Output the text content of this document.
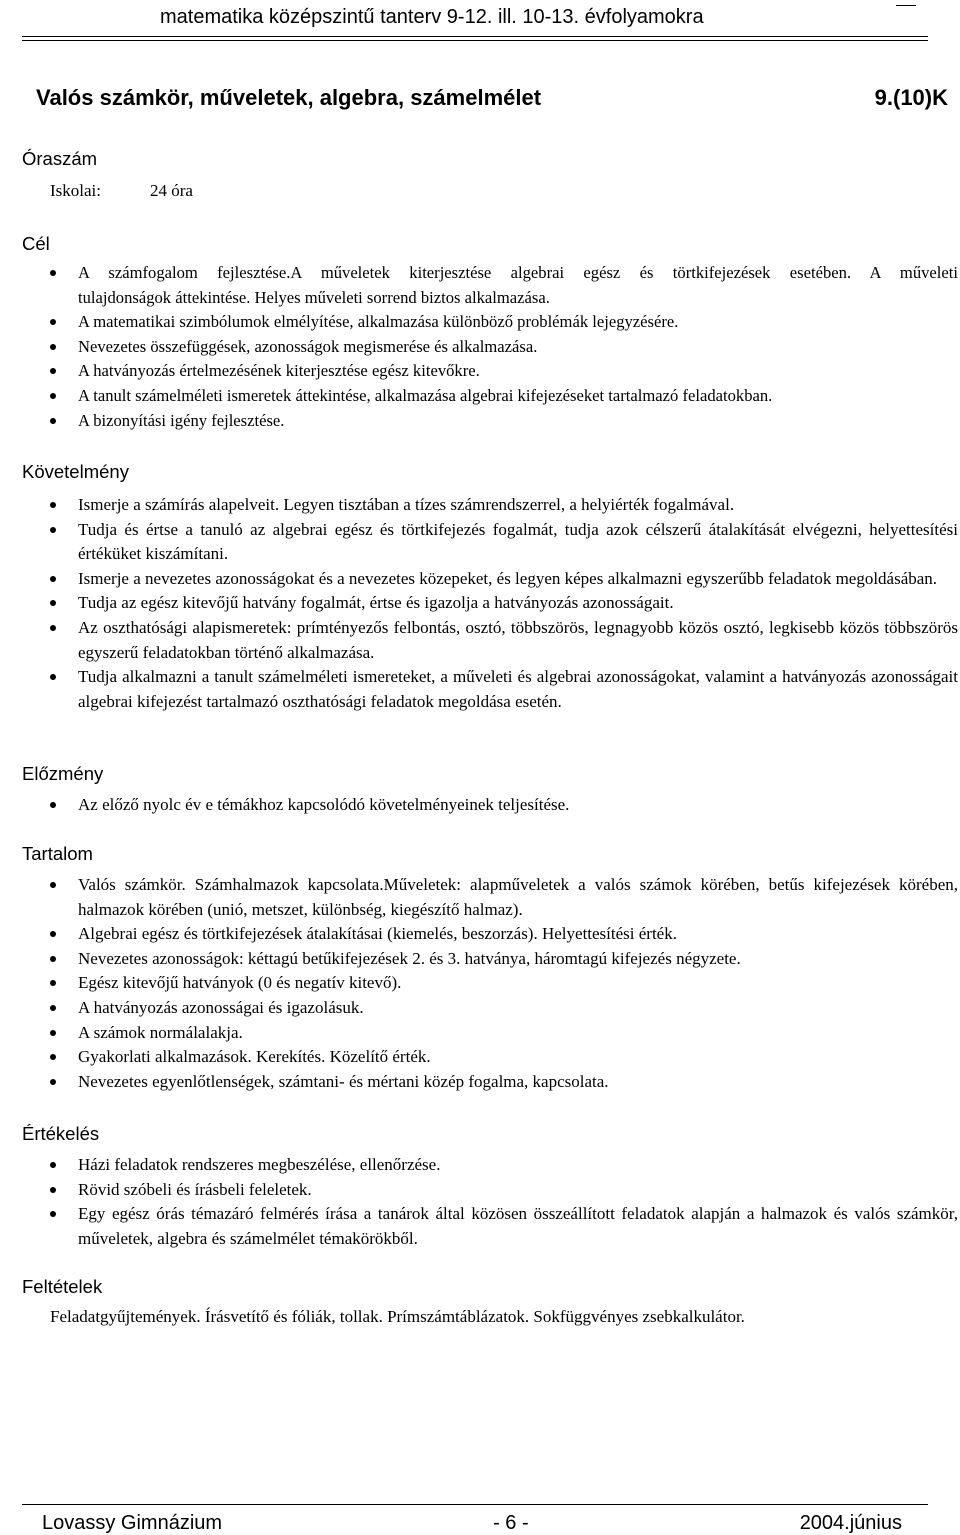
matematika középszintű tanterv 9-12. ill. 10-13. évfolyamokra
Valós számkör, műveletek, algebra, számelmélet	9.(10)K
Óraszám
Iskolai:	24 óra
Cél
A számfogalom fejlesztése.A műveletek kiterjesztése algebrai egész és törtkifejezések esetében. A műveleti
tulajdonságok áttekintése. Helyes műveleti sorrend biztos alkalmazása.
A matematikai szimbólumok elmélyítése, alkalmazása különböző problémák lejegyzésére.
Nevezetes összefüggések, azonosságok megismerése és alkalmazása.
A hatványozás értelmezésének kiterjesztése egész kitevőkre.
A tanult számelméleti ismeretek áttekintése, alkalmazása algebrai kifejezéseket tartalmazó feladatokban.
A bizonyítási igény fejlesztése.
Követelmény
Ismerje a számírás alapelveit. Legyen tisztában a tízes számrendszerrel, a helyiérték fogalmával.
Tudja és értse a tanuló az algebrai egész és törtkifejezés fogalmát, tudja azok célszerű átalakítását elvégezni, helyettesítési értéküket kiszámítani.
Ismerje a nevezetes azonosságokat és a nevezetes közepeket, és legyen képes alkalmazni egyszerűbb feladatok megoldásában.
Tudja az egész kitevőjű hatvány fogalmát, értse és igazolja a hatványozás azonosságait.
Az oszthatósági alapismeretek: prímtényezős felbontás, osztó, többszörös, legnagyobb közös osztó, legkisebb közös többszörös egyszerű feladatokban történő alkalmazása.
Tudja alkalmazni a tanult számelméleti ismereteket, a műveleti és algebrai azonosságokat, valamint a hatványozás azonosságait algebrai kifejezést tartalmazó oszthatósági feladatok megoldása esetén.
Előzmény
Az előző nyolc év e témákhoz kapcsolódó követelményeinek teljesítése.
Tartalom
Valós számkör. Számhalmazok kapcsolata.Műveletek: alapműveletek a valós számok körében, betűs kifejezések körében, halmazok körében (unió, metszet, különbség, kiegészítő halmaz).
Algebrai egész és törtkifejezések átalakításai (kiemelés, beszorzás). Helyettesítési érték.
Nevezetes azonosságok: kéttagú betűkifejezések 2. és 3. hatványa, háromtagú kifejezés négyzete.
Egész kitevőjű hatványok (0 és negatív kitevő).
A hatványozás azonosságai és igazolásuk.
A számok normálalakja.
Gyakorlati alkalmazások. Kerekítés. Közelítő érték.
Nevezetes egyenlőtlenségek, számtani- és mértani közép fogalma, kapcsolata.
Értékelés
Házi feladatok rendszeres megbeszélése, ellenőrzése.
Rövid szóbeli és írásbeli feleletek.
Egy egész órás témazáró felmérés írása a tanárok által közösen összeállított feladatok alapján a halmazok és valós számkör, műveletek, algebra és számelmélet témakörökből.
Feltételek
Feladatgyűjtemények. Írásvetítő és fóliák, tollak. Prímszámtáblázatok. Sokfüggvényes zsebkalkulátor.
Lovassy Gimnázium	- 6 -	2004.június
